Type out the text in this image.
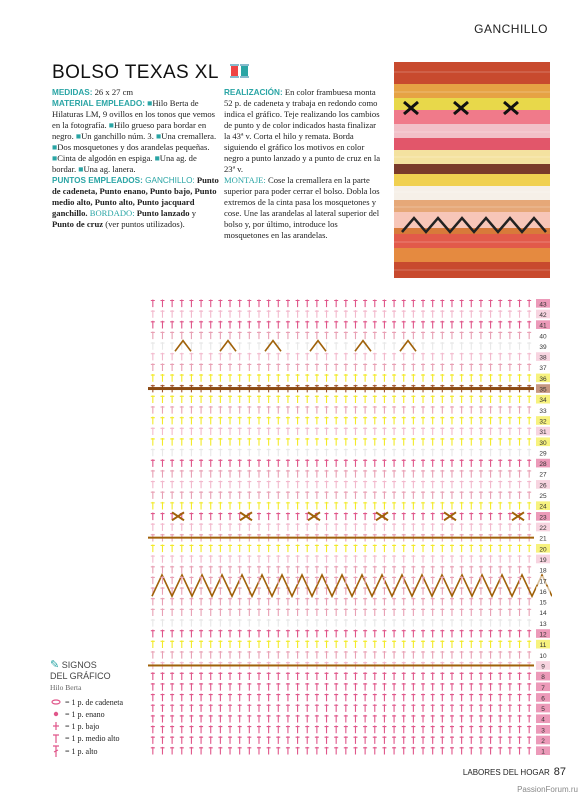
GANCHILLO
BOLSO TEXAS XL

MEDIDAS: 26 x 27 cm

MATERIAL EMPLEADO: ■Hilo Berta de Hilaturas LM, 9 ovillos en los tonos que vemos en la fotografía. ■Hilo grueso para bordar en negro. ■Un ganchillo núm. 3. ■Una cremallera. ■Dos mosquetones y dos arandelas pequeñas. ■Cinta de algodón en espiga. ■Una ag. de bordar. ■Una ag. lanera.

PUNTOS EMPLEADOS: GANCHILLO: Punto de cadeneta, Punto enano, Punto bajo, Punto medio alto, Punto alto, Punto jacquard ganchillo. BORDADO: Punto lanzado y Punto de cruz (ver puntos utilizados).

REALIZACIÓN: En color frambuesa monta 52 p. de cadeneta y trabaja en redondo como indica el gráfico. Teje realizando los cambios de punto y de color indicados hasta finalizar la 43ª v. Corta el hilo y remata. Borda siguiendo el gráfico los motivos en color negro a punto lanzado y a punto de cruz en la 23ª v.

MONTAJE: Cose la cremallera en la parte superior para poder cerrar el bolso. Dobla los extremos de la cinta pasa los mosquetones y cose. Une las arandelas al lateral superior del bolso y, por último, introduce los mosquetones en las arandelas.

1
2
3
4
5
6
7
8
9
10
11
12
13
14
15
16
17
18
19
20
21
22
23
24
25
26
27
28
29
30
31
32
33
34
35
36
37
38
39
40
41
42
43
✎ SIGNOS
DEL GRÁFICO
Hilo Berta
= 1 p. de cadeneta
= 1 p. enano
= 1 p. bajo
= 1 p. medio alto
= 1 p. alto
LABORES DEL HOGAR 87
PassionForum.ru
